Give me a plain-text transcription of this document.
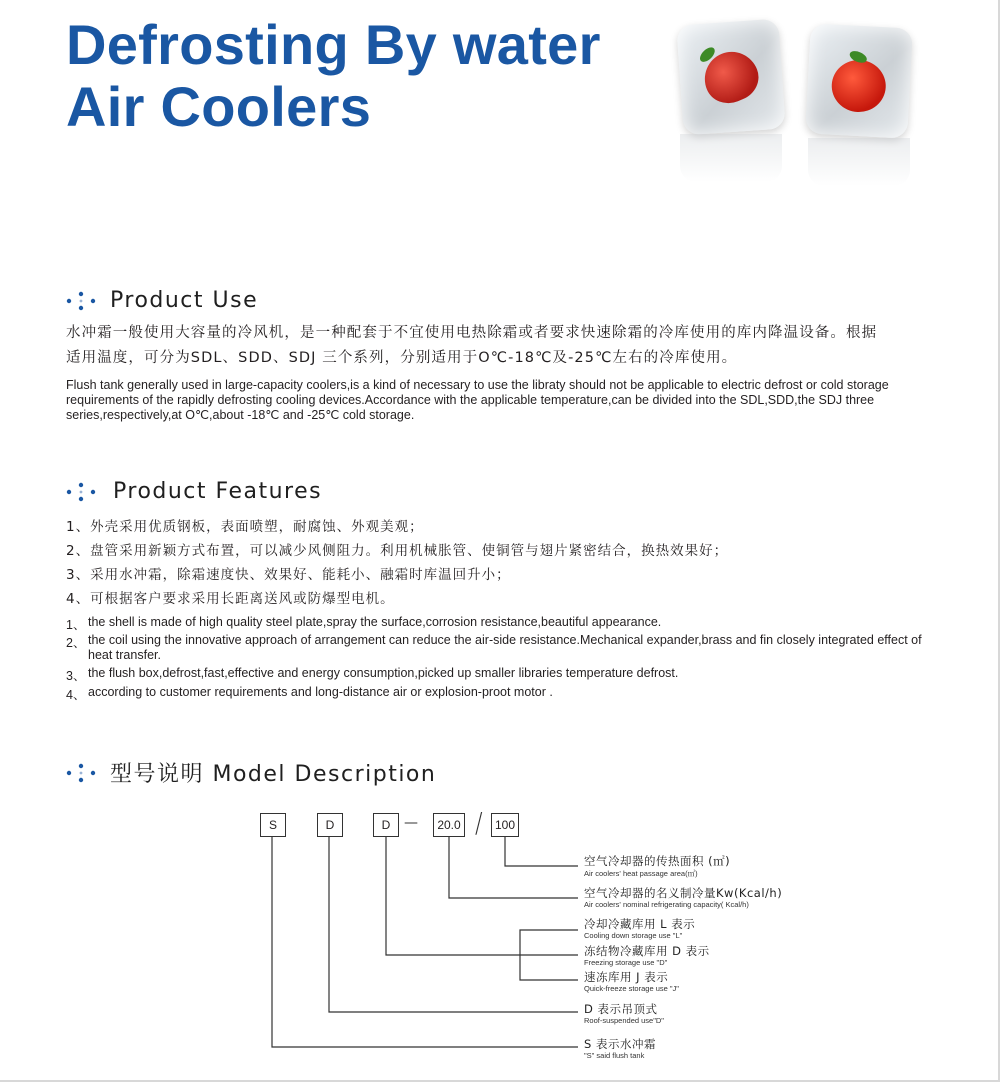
Defrosting By water
Air Coolers
Product Use
水冲霜一般使用大容量的冷风机，是一种配套于不宜使用电热除霜或者要求快速除霜的冷库使用的库内降温设备。根据
适用温度，可分为SDL、SDD、SDJ 三个系列，分别适用于O℃-18℃及-25℃左右的冷库使用。
Flush tank generally used in large-capacity coolers,is a kind of necessary to use the libraty should not be applicable to electric defrost or cold storage
requirements of the rapidly defrosting cooling devices.Accordance with the applicable temperature,can be divided into the SDL,SDD,the SDJ three
series,respectively,at O℃,about -18℃ and -25℃ cold storage.
Product Features
1、外壳采用优质钢板，表面喷塑，耐腐蚀、外观美观；
2、盘管采用新颖方式布置，可以减少风侧阻力。利用机械胀管、使铜管与翅片紧密结合，换热效果好；
3、采用水冲霜，除霜速度快、效果好、能耗小、融霜时库温回升小；
4、可根据客户要求采用长距离送风或防爆型电机。
1、 the shell is made of high quality steel plate,spray the surface,corrosion resistance,beautiful appearance.
2、 the coil using the innovative approach of arrangement can reduce the air-side resistance.Mechanical expander,brass and fin closely integrated effect of heat transfer.
3、 the flush box,defrost,fast,effective and energy consumption,picked up smaller libraries temperature defrost.
4、 according to customer requirements and long-distance air or explosion-proot motor .
型号说明 Model Description
S	D	D —	20.0 /	100
空气冷却器的传热面积 (㎡)
Air coolers' heat passage area(㎡)
空气冷却器的名义制冷量Kw(Kcal/h)
Air coolers' nominal refrigerating capacity( Kcal/h)
冷却冷藏库用 L 表示
Cooling down storage use "L"
冻结物冷藏库用 D 表示
Freezing storage use "D"
速冻库用 J 表示
Quick-freeze storage use "J"
D 表示吊顶式
Roof-suspended use"D"
S 表示水冲霜
"S" said flush tank
